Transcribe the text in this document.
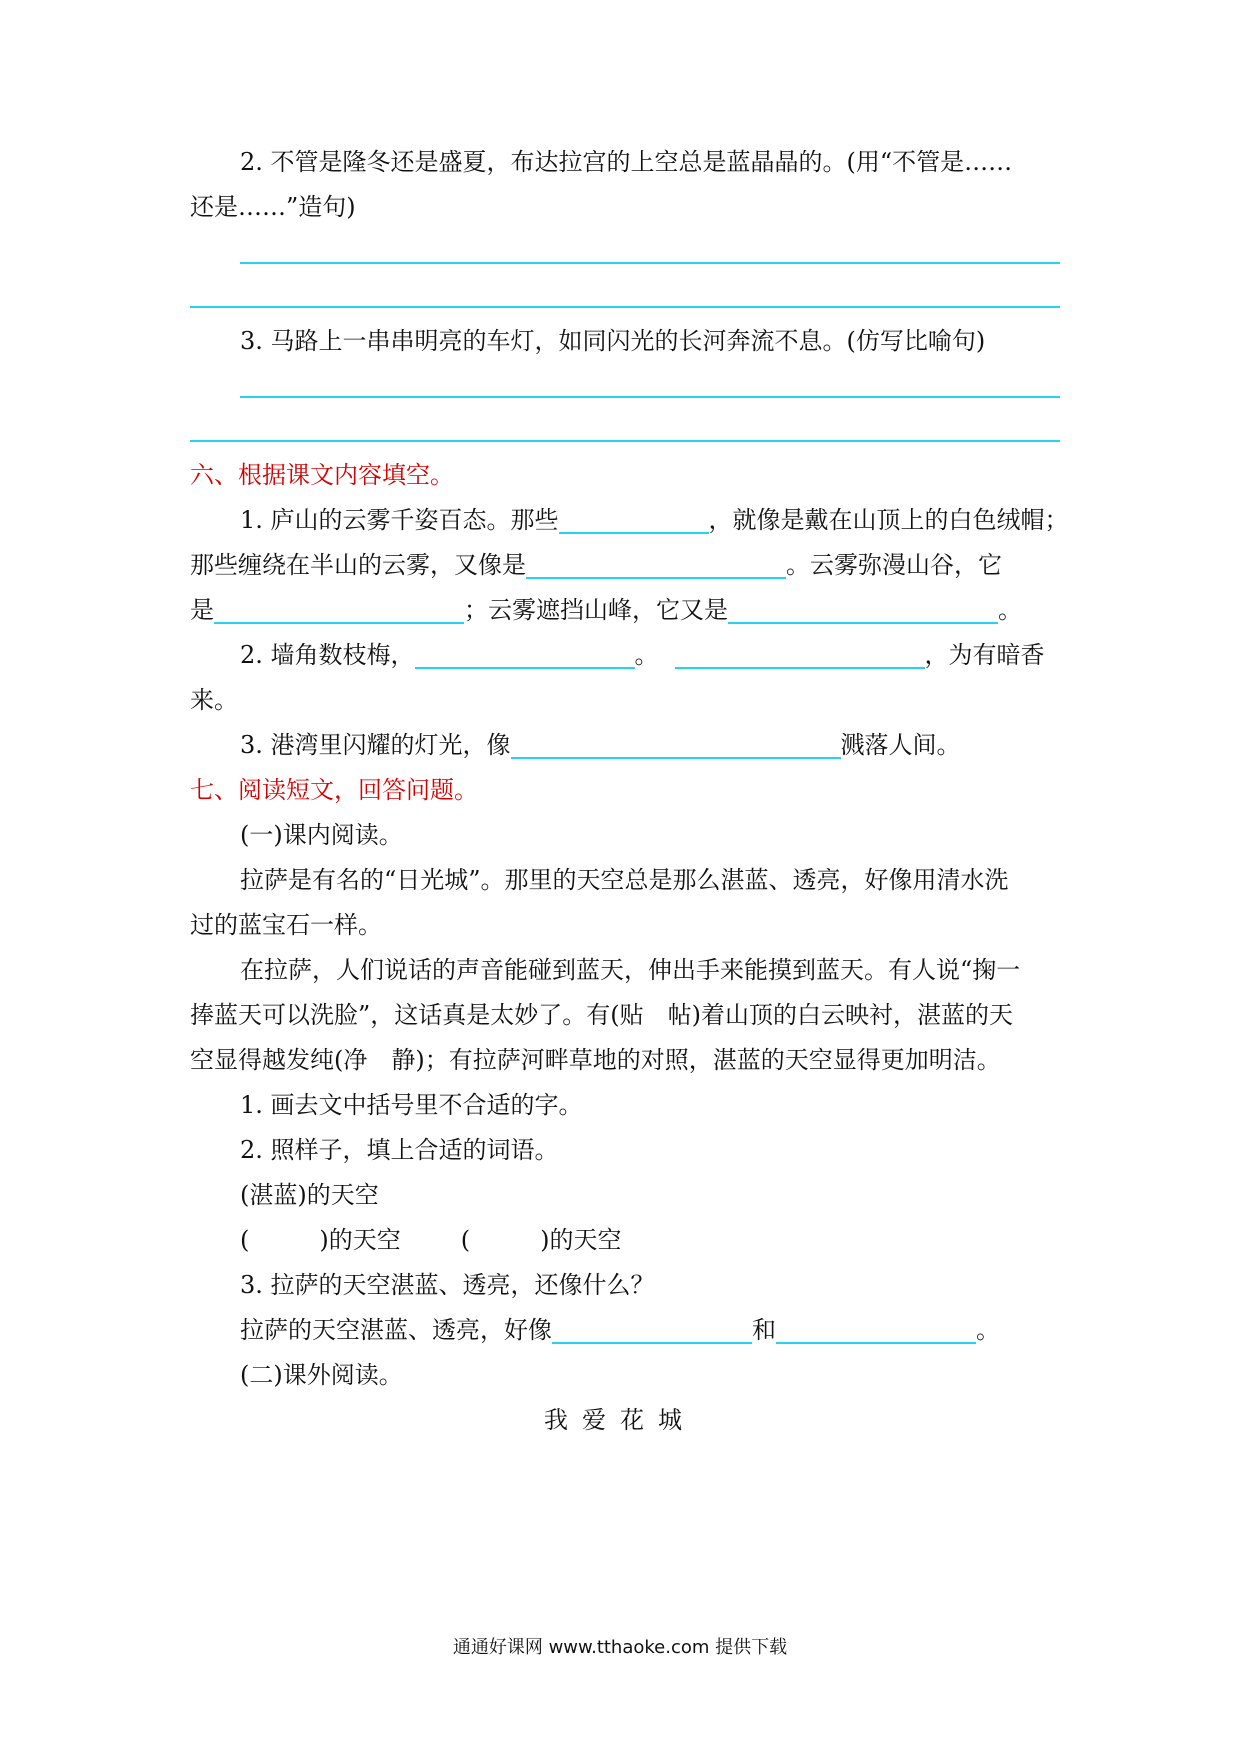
2. 不管是隆冬还是盛夏，布达拉宫的上空总是蓝晶晶的。(用“不管是……
还是……”造句)
3. 马路上一串串明亮的车灯，如同闪光的长河奔流不息。(仿写比喻句)
六、根据课文内容填空。
1. 庐山的云雾千姿百态。那些	，就像是戴在山顶上的白色绒帽；
那些缠绕在半山的云雾，又像是	。云雾弥漫山谷，它
是	；云雾遮挡山峰，它又是	。
2. 墙角数枝梅，	。	，为有暗香
来。
3. 港湾里闪耀的灯光，像	溅落人间。
七、阅读短文，回答问题。
(一)课内阅读。
拉萨是有名的“日光城”。那里的天空总是那么湛蓝、透亮，好像用清水洗
过的蓝宝石一样。
在拉萨，人们说话的声音能碰到蓝天，伸出手来能摸到蓝天。有人说“掬一
捧蓝天可以洗脸”，这话真是太妙了。有(贴　帖)着山顶的白云映衬，湛蓝的天
空显得越发纯(净　静)；有拉萨河畔草地的对照，湛蓝的天空显得更加明洁。
1. 画去文中括号里不合适的字。
2. 照样子，填上合适的词语。
(湛蓝)的天空
(	)的天空	(	)的天空
3. 拉萨的天空湛蓝、透亮，还像什么？
拉萨的天空湛蓝、透亮，好像	和	。
(二)课外阅读。
我爱花城
通通好课网 www.tthaoke.com 提供下载
